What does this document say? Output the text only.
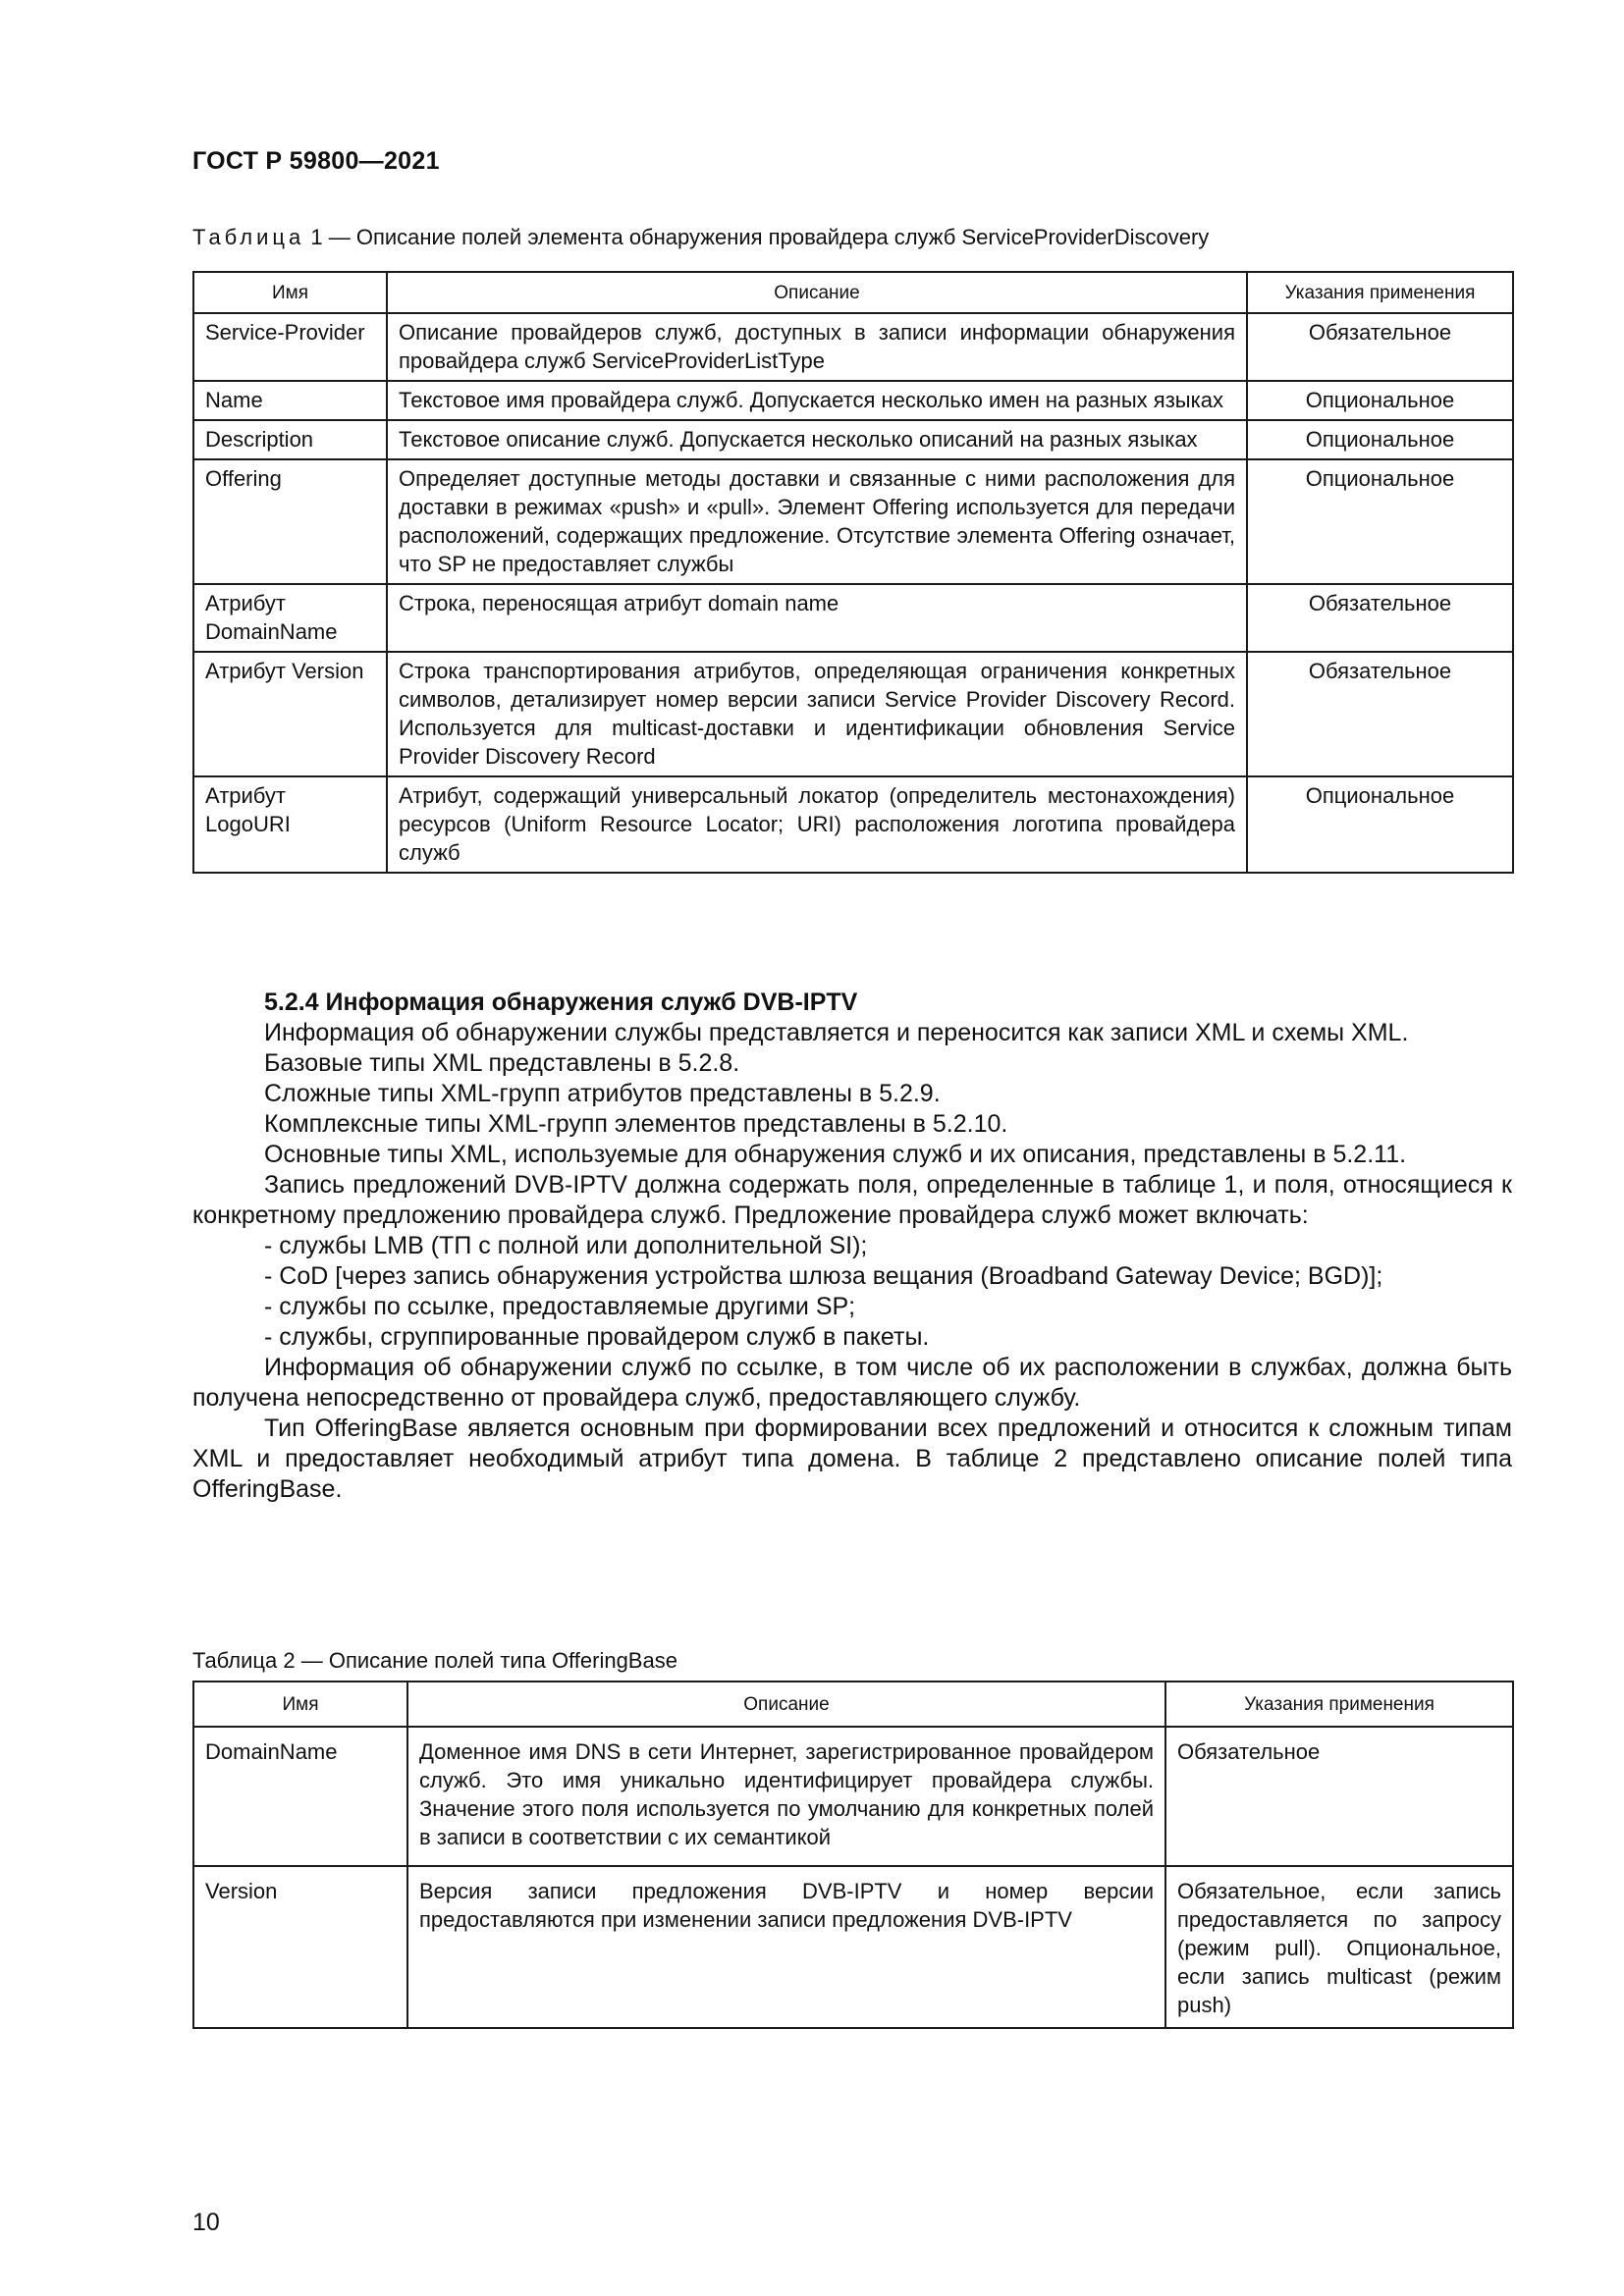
ГОСТ Р 59800—2021
Таблица 1 — Описание полей элемента обнаружения провайдера служб ServiceProviderDiscovery
Имя	Описание	Указания применения
Service-Provider	Описание провайдеров служб, доступных в записи информации обнаружения провайдера служб ServiceProviderListType	Обязательное
Name	Текстовое имя провайдера служб. Допускается несколько имен на разных языках	Опциональное
Description	Текстовое описание служб. Допускается несколько описаний на разных языках	Опциональное
Offering	Определяет доступные методы доставки и связанные с ними расположения для доставки в режимах «push» и «pull». Элемент Offering используется для передачи расположений, содержащих предложение. Отсутствие элемента Offering означает, что SP не предоставляет службы	Опциональное
Атрибут DomainName	Строка, переносящая атрибут domain name	Обязательное
Атрибут Version	Строка транспортирования атрибутов, определяющая ограничения конкретных символов, детализирует номер версии записи Service Provider Discovery Record. Используется для multicast-доставки и идентификации обновления Service Provider Discovery Record	Обязательное
Атрибут LogoURI	Атрибут, содержащий универсальный локатор (определитель местонахождения) ресурсов (Uniform Resource Locator; URI) расположения логотипа провайдера служб	Опциональное
5.2.4 Информация обнаружения служб DVB-IPTV

Информация об обнаружении службы представляется и переносится как записи XML и схемы XML.

Базовые типы XML представлены в 5.2.8.

Сложные типы XML-групп атрибутов представлены в 5.2.9.

Комплексные типы XML-групп элементов представлены в 5.2.10.

Основные типы XML, используемые для обнаружения служб и их описания, представлены в 5.2.11.

Запись предложений DVB-IPTV должна содержать поля, определенные в таблице 1, и поля, относящиеся к конкретному предложению провайдера служб. Предложение провайдера служб может включать:

- службы LMB (ТП с полной или дополнительной SI);

- CoD [через запись обнаружения устройства шлюза вещания (Broadband Gateway Device; BGD)];

- службы по ссылке, предоставляемые другими SP;

- службы, сгруппированные провайдером служб в пакеты.

Информация об обнаружении служб по ссылке, в том числе об их расположении в службах, должна быть получена непосредственно от провайдера служб, предоставляющего службу.

Тип OfferingBase является основным при формировании всех предложений и относится к сложным типам XML и предоставляет необходимый атрибут типа домена. В таблице 2 представлено описание полей типа OfferingBase.

Таблица 2 — Описание полей типа OfferingBase
Имя	Описание	Указания применения
DomainName	Доменное имя DNS в сети Интернет, зарегистрированное провайдером служб. Это имя уникально идентифицирует провайдера службы. Значение этого поля используется по умолчанию для конкретных полей в записи в соответствии с их семантикой	Обязательное
Version	Версия записи предложения DVB-IPTV и номер версии предоставляются при изменении записи предложения DVB-IPTV	Обязательное, если запись предоставляется по запросу (режим pull). Опциональное, если запись multicast (режим push)
10
